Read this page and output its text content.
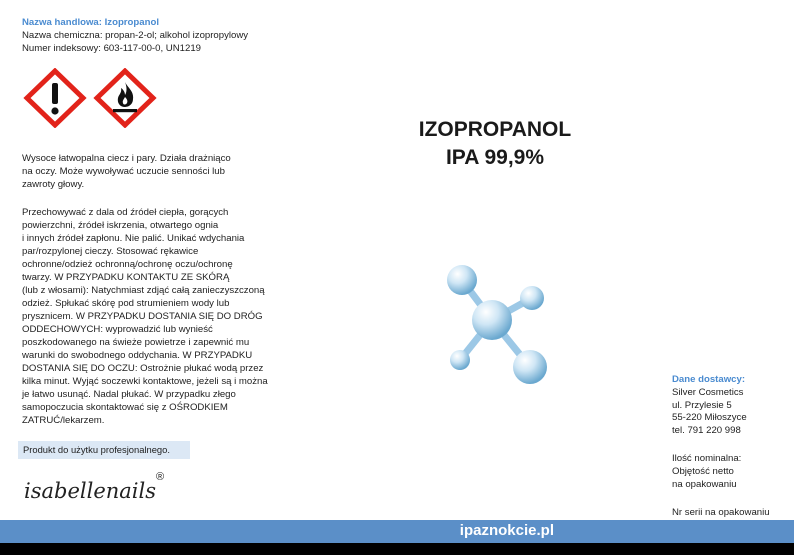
Nazwa handlowa: Izopropanol
Nazwa chemiczna: propan-2-ol; alkohol izopropylowy
Numer indeksowy: 603-117-00-0, UN1219
Wysoce łatwopalna ciecz i pary. Działa drażniąco
na oczy. Może wywoływać uczucie senności lub
zawroty głowy.
Przechowywać z dala od źródeł ciepła, gorących
powierzchni, źródeł iskrzenia, otwartego ognia
i innych źródeł zapłonu. Nie palić. Unikać wdychania
par/rozpylonej cieczy. Stosować rękawice
ochronne/odzież ochronną/ochronę oczu/ochronę
twarzy. W PRZYPADKU KONTAKTU ZE SKÓRĄ
(lub z włosami): Natychmiast zdjąć całą zanieczyszczoną
odzież. Spłukać skórę pod strumieniem wody lub
prysznicem. W PRZYPADKU DOSTANIA SIĘ DO DRÓG
ODDECHOWYCH: wyprowadzić lub wynieść
poszkodowanego na świeże powietrze i zapewnić mu
warunki do swobodnego oddychania. W PRZYPADKU
DOSTANIA SIĘ DO OCZU: Ostrożnie płukać wodą przez
kilka minut. Wyjąć soczewki kontaktowe, jeżeli są i można
je łatwo usunąć. Nadal płukać. W przypadku złego
samopoczucia skontaktować się z OŚRODKIEM
ZATRUĆ/lekarzem.
Produkt do użytku profesjonalnego.
isabellenails
®
IZOPROPANOL
IPA 99,9%
Dane dostawcy:
Silver Cosmetics
ul. Przylesie 5
55-220 Miłoszyce
tel. 791 220 998
Ilość nominalna:
Objętość netto
na opakowaniu
Nr serii na opakowaniu
ipaznokcie.pl
